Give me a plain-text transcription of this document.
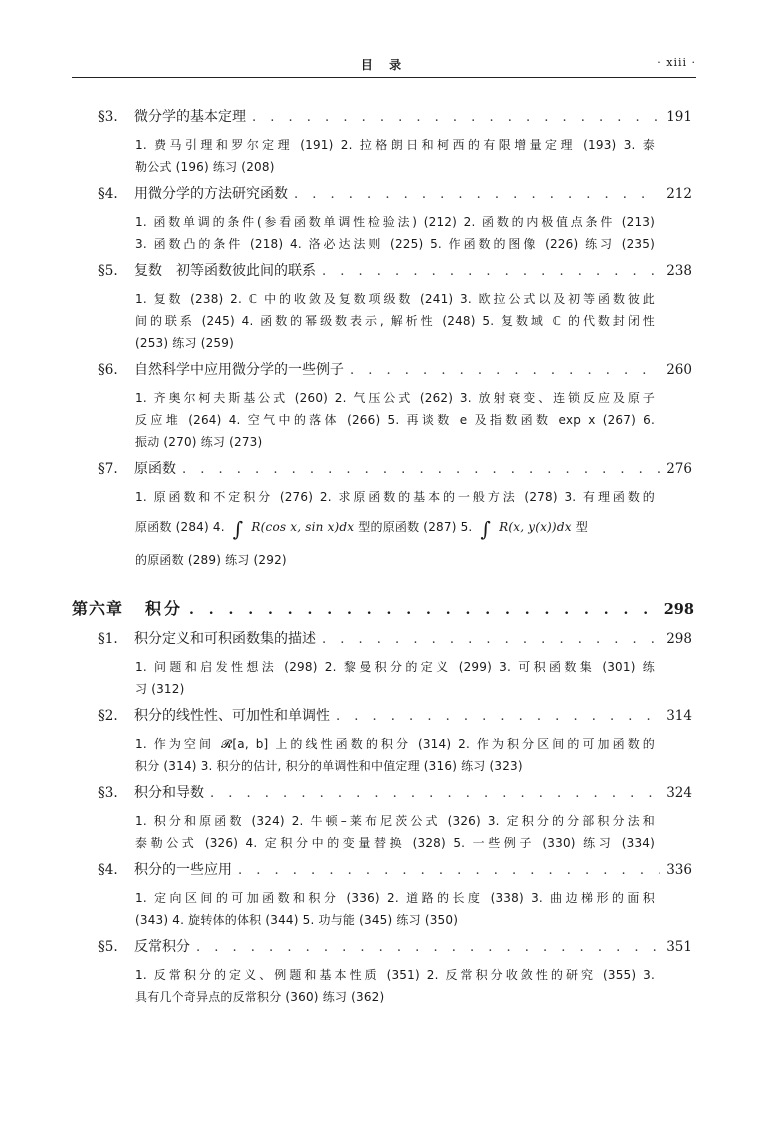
目 录	· xiii ·
§3.	微分学的基本定理 . . .	191
1. 费马引理和罗尔定理 (191) 2. 拉格朗日和柯西的有限增量定理 (193) 3. 泰
勒公式 (196) 练习 (208)
§4.	用微分学的方法研究函数 . . .	212
1. 函数单调的条件(参看函数单调性检验法) (212) 2. 函数的内极值点条件 (213)
3. 函数凸的条件 (218) 4. 洛必达法则 (225) 5. 作函数的图像 (226) 练习 (235)
§5.	复数　初等函数彼此间的联系 . . .	238
1. 复数 (238) 2. ℂ 中的收敛及复数项级数 (241) 3. 欧拉公式以及初等函数彼此
间的联系 (245) 4. 函数的幂级数表示, 解析性 (248) 5. 复数域 ℂ 的代数封闭性
(253) 练习 (259)
§6.	自然科学中应用微分学的一些例子 . . .	260
1. 齐奥尔柯夫斯基公式 (260) 2. 气压公式 (262) 3. 放射衰变、连锁反应及原子
反应堆 (264) 4. 空气中的落体 (266) 5. 再谈数 e 及指数函数 exp x (267) 6.
振动 (270) 练习 (273)
§7.	原函数 . . .	276
1. 原函数和不定积分 (276) 2. 求原函数的基本的一般方法 (278) 3. 有理函数的
原函数 (284) 4. ∫ R(cos x, sin x)dx 型的原函数 (287) 5. ∫ R(x, y(x))dx 型
的原函数 (289) 练习 (292)
第六章 积分 . . .	298
§1.	积分定义和可积函数集的描述 . . .	298
1. 问题和启发性想法 (298) 2. 黎曼积分的定义 (299) 3. 可积函数集 (301) 练
习 (312)
§2.	积分的线性性、可加性和单调性 . . .	314
1. 作为空间 𝓡[a, b] 上的线性函数的积分 (314) 2. 作为积分区间的可加函数的
积分 (314) 3. 积分的估计, 积分的单调性和中值定理 (316) 练习 (323)
§3.	积分和导数 . . .	324
1. 积分和原函数 (324) 2. 牛顿–莱布尼茨公式 (326) 3. 定积分的分部积分法和
泰勒公式 (326) 4. 定积分中的变量替换 (328) 5. 一些例子 (330) 练习 (334)
§4.	积分的一些应用 . . .	336
1. 定向区间的可加函数和积分 (336) 2. 道路的长度 (338) 3. 曲边梯形的面积
(343) 4. 旋转体的体积 (344) 5. 功与能 (345) 练习 (350)
§5.	反常积分 . . .	351
1. 反常积分的定义、例题和基本性质 (351) 2. 反常积分收敛性的研究 (355) 3.
具有几个奇异点的反常积分 (360) 练习 (362)
